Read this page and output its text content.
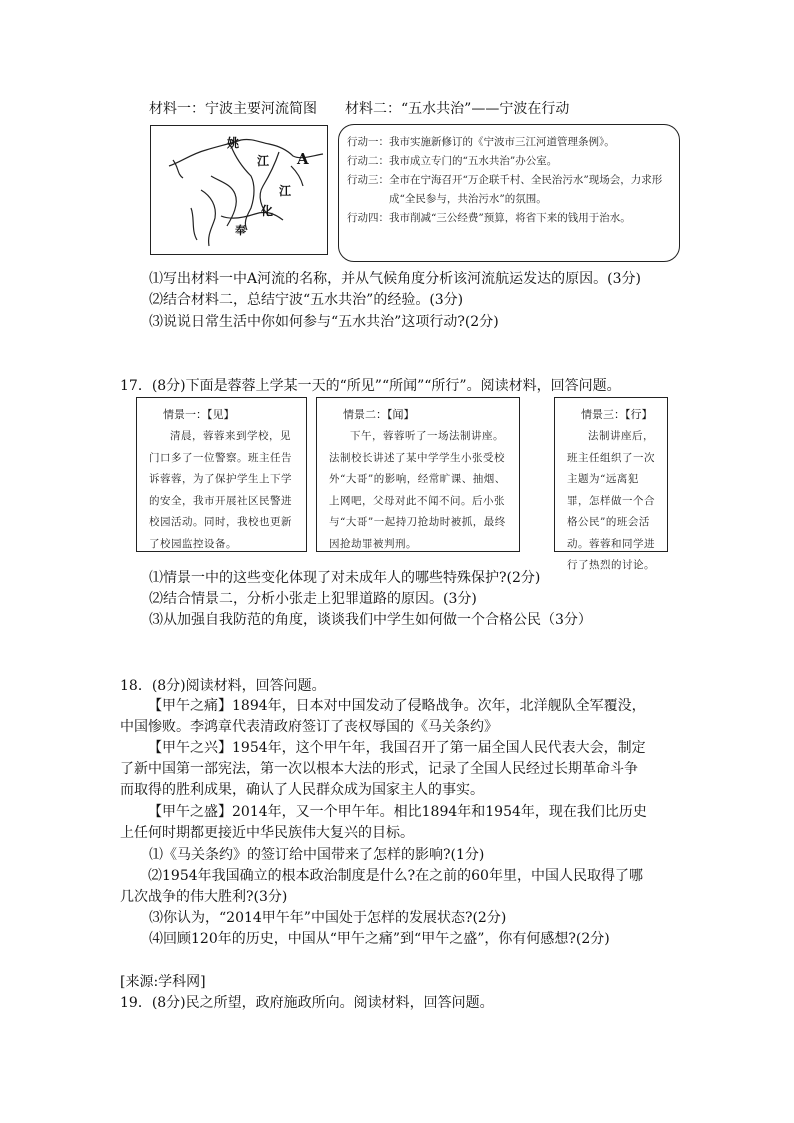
材料一：宁波主要河流简图 材料二：“五水共治”——宁波在行动
姚
江 A
江
化
奉
行动一： 我市实施新修订的《宁波市三江河道管理条例》。
行动二： 我市成立专门的“五水共治”办公室。
行动三： 全市在宁海召开“万企联千村、全民治污水”现场会，力求形成“全民参与，共治污水”的氛围。
行动四： 我市削减“三公经费”预算，将省下来的钱用于治水。
⑴写出材料一中A河流的名称，并从气候角度分析该河流航运发达的原因。(3分)
⑵结合材料二，总结宁波“五水共治”的经验。(3分)
⑶说说日常生活中你如何参与“五水共治”这项行动?(2分)
17．(8分)下面是蓉蓉上学某一天的“所见”“所闻”“所行”。阅读材料，回答问题。
情景一：【见】
清晨，蓉蓉来到学校，见门口多了一位警察。班主任告诉蓉蓉，为了保护学生上下学的安全，我市开展社区民警进校园活动。同时，我校也更新了校园监控设备。
情景二：【闻】
下午，蓉蓉听了一场法制讲座。法制校长讲述了某中学学生小张受校外“大哥”的影响，经常旷课、抽烟、上网吧，父母对此不闻不问。后小张与“大哥”一起持刀抢劫时被抓，最终因抢劫罪被判刑。
情景三：【行】
法制讲座后，班主任组织了一次主题为“远离犯罪，怎样做一个合格公民”的班会活动。蓉蓉和同学进行了热烈的讨论。
⑴情景一中的这些变化体现了对未成年人的哪些特殊保护?(2分)
⑵结合情景二，分析小张走上犯罪道路的原因。(3分)
⑶从加强自我防范的角度，谈谈我们中学生如何做一个合格公民（3分）
18．(8分)阅读材料，回答问题。

【甲午之痛】1894年，日本对中国发动了侵略战争。次年，北洋舰队全军覆没，中国惨败。李鸿章代表清政府签订了丧权辱国的《马关条约》

【甲午之兴】1954年，这个甲午年，我国召开了第一届全国人民代表大会，制定了新中国第一部宪法，第一次以根本大法的形式，记录了全国人民经过长期革命斗争而取得的胜利成果，确认了人民群众成为国家主人的事实。

【甲午之盛】2014年，又一个甲午年。相比1894年和1954年，现在我们比历史上任何时期都更接近中华民族伟大复兴的目标。

⑴《马关条约》的签订给中国带来了怎样的影响?(1分)

⑵1954年我国确立的根本政治制度是什么?在之前的60年里，中国人民取得了哪几次战争的伟大胜利?(3分)

⑶你认为，“2014甲午年”中国处于怎样的发展状态?(2分)
⑷回顾120年的历史，中国从“甲午之痛”到“甲午之盛”，你有何感想?(2分)
[来源:学科网]
19．(8分)民之所望，政府施政所向。阅读材料，回答问题。
